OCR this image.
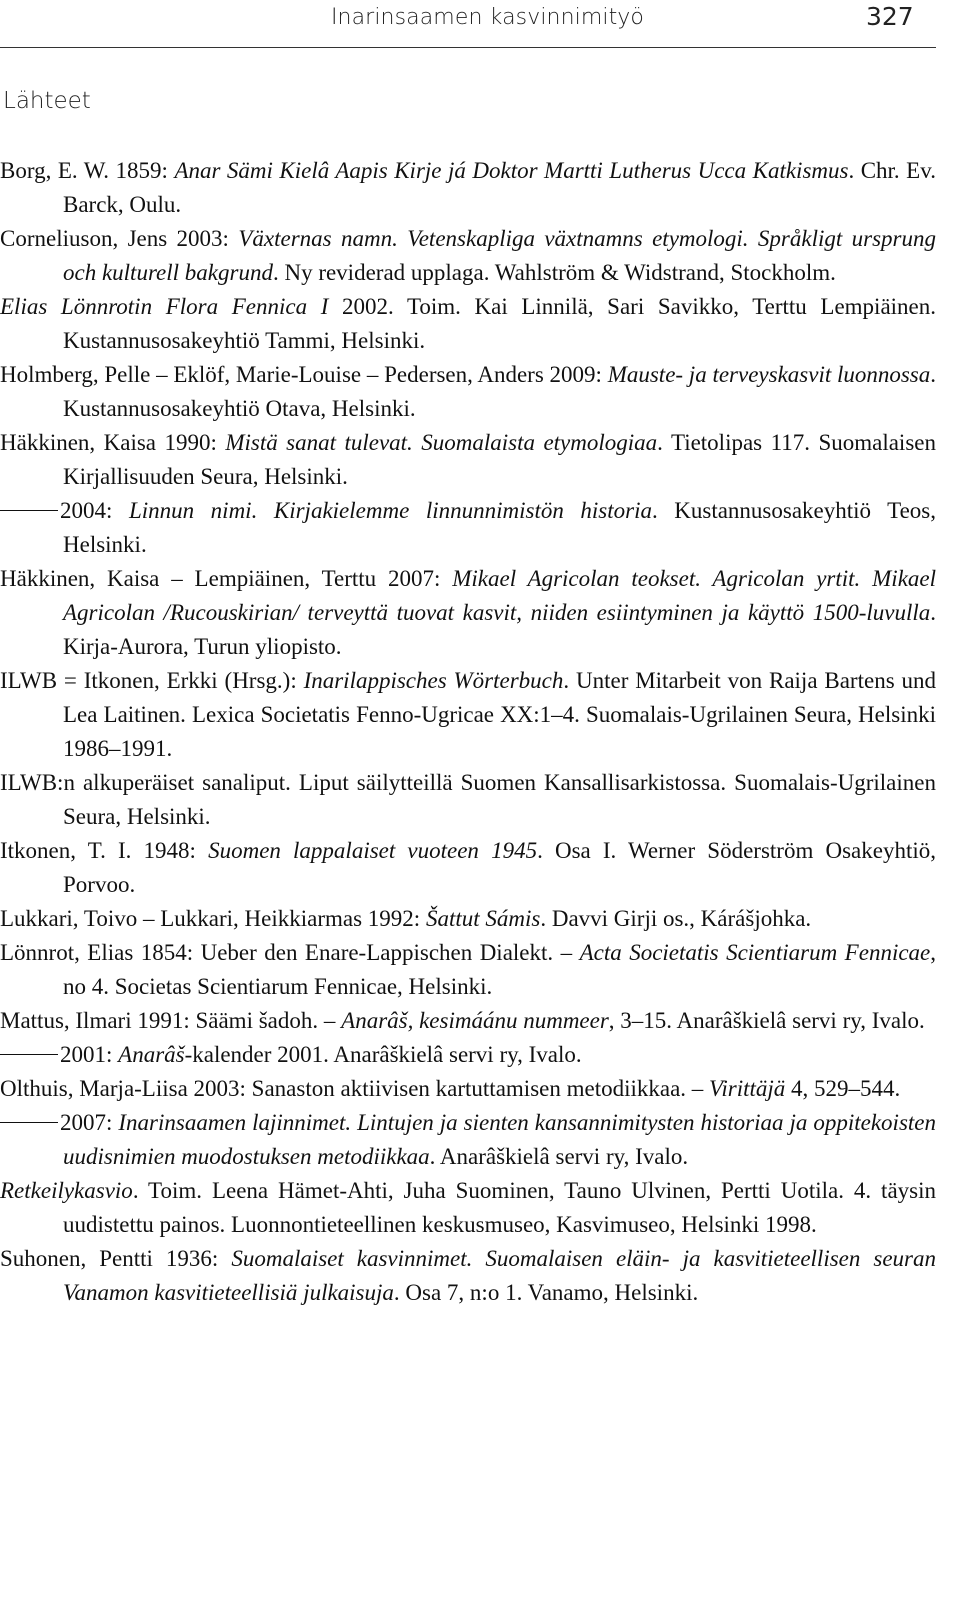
Inarinsaamen kasvinnimityö	327
Lähteet

Borg, E. W. 1859: Anar Sämi Kielâ Aapis Kirje já Doktor Martti Lutherus Ucca Katkismus. Chr. Ev. Barck, Oulu.

Corneliuson, Jens 2003: Växternas namn. Vetenskapliga växtnamns etymologi. Språkligt ursprung och kulturell bakgrund. Ny reviderad upplaga. Wahlström & Widstrand, Stockholm.

Elias Lönnrotin Flora Fennica I 2002. Toim. Kai Linnilä, Sari Savikko, Terttu Lempiäinen. Kustannusosakeyhtiö Tammi, Helsinki.

Holmberg, Pelle – Eklöf, Marie-Louise – Pedersen, Anders 2009: Mauste- ja terveyskasvit luonnossa. Kustannusosakeyhtiö Otava, Helsinki.

Häkkinen, Kaisa 1990: Mistä sanat tulevat. Suomalaista etymologiaa. Tietolipas 117. Suomalaisen Kirjallisuuden Seura, Helsinki.

2004: Linnun nimi. Kirjakielemme linnunnimistön historia. Kustannusosakeyhtiö Teos, Helsinki.

Häkkinen, Kaisa – Lempiäinen, Terttu 2007: Mikael Agricolan teokset. Agricolan yrtit. Mikael Agricolan /Rucouskirian/ terveyttä tuovat kasvit, niiden esiintyminen ja käyttö 1500-luvulla. Kirja-Aurora, Turun yliopisto.

ILWB = Itkonen, Erkki (Hrsg.): Inarilappisches Wörterbuch. Unter Mitarbeit von Raija Bartens und Lea Laitinen. Lexica Societatis Fenno-Ugricae XX:1–4. Suomalais-Ugrilainen Seura, Helsinki 1986–1991.

ILWB:n alkuperäiset sanaliput. Liput säilytteillä Suomen Kansallisarkistossa. Suomalais-Ugrilainen Seura, Helsinki.

Itkonen, T. I. 1948: Suomen lappalaiset vuoteen 1945. Osa I. Werner Söderström Osakeyhtiö, Porvoo.

Lukkari, Toivo – Lukkari, Heikkiarmas 1992: Šattut Sámis. Davvi Girji os., Kárášjohka.

Lönnrot, Elias 1854: Ueber den Enare-Lappischen Dialekt. – Acta Societatis Scientiarum Fennicae, no 4. Societas Scientiarum Fennicae, Helsinki.

Mattus, Ilmari 1991: Säämi šadoh. – Anarâš, kesimáánu nummeer, 3–15. Anarâškielâ servi ry, Ivalo.

2001: Anarâš-kalender 2001. Anarâškielâ servi ry, Ivalo.

Olthuis, Marja-Liisa 2003: Sanaston aktiivisen kartuttamisen metodiikkaa. – Virittäjä 4, 529–544.

2007: Inarinsaamen lajinnimet. Lintujen ja sienten kansannimitysten historiaa ja oppitekoisten uudisnimien muodostuksen metodiikkaa. Anarâškielâ servi ry, Ivalo.

Retkeilykasvio. Toim. Leena Hämet-Ahti, Juha Suominen, Tauno Ulvinen, Pertti Uotila. 4. täysin uudistettu painos. Luonnontieteellinen keskusmuseo, Kasvimuseo, Helsinki 1998.

Suhonen, Pentti 1936: Suomalaiset kasvinnimet. Suomalaisen eläin- ja kasvitieteellisen seuran Vanamon kasvitieteellisiä julkaisuja. Osa 7, n:o 1. Vanamo, Helsinki.
